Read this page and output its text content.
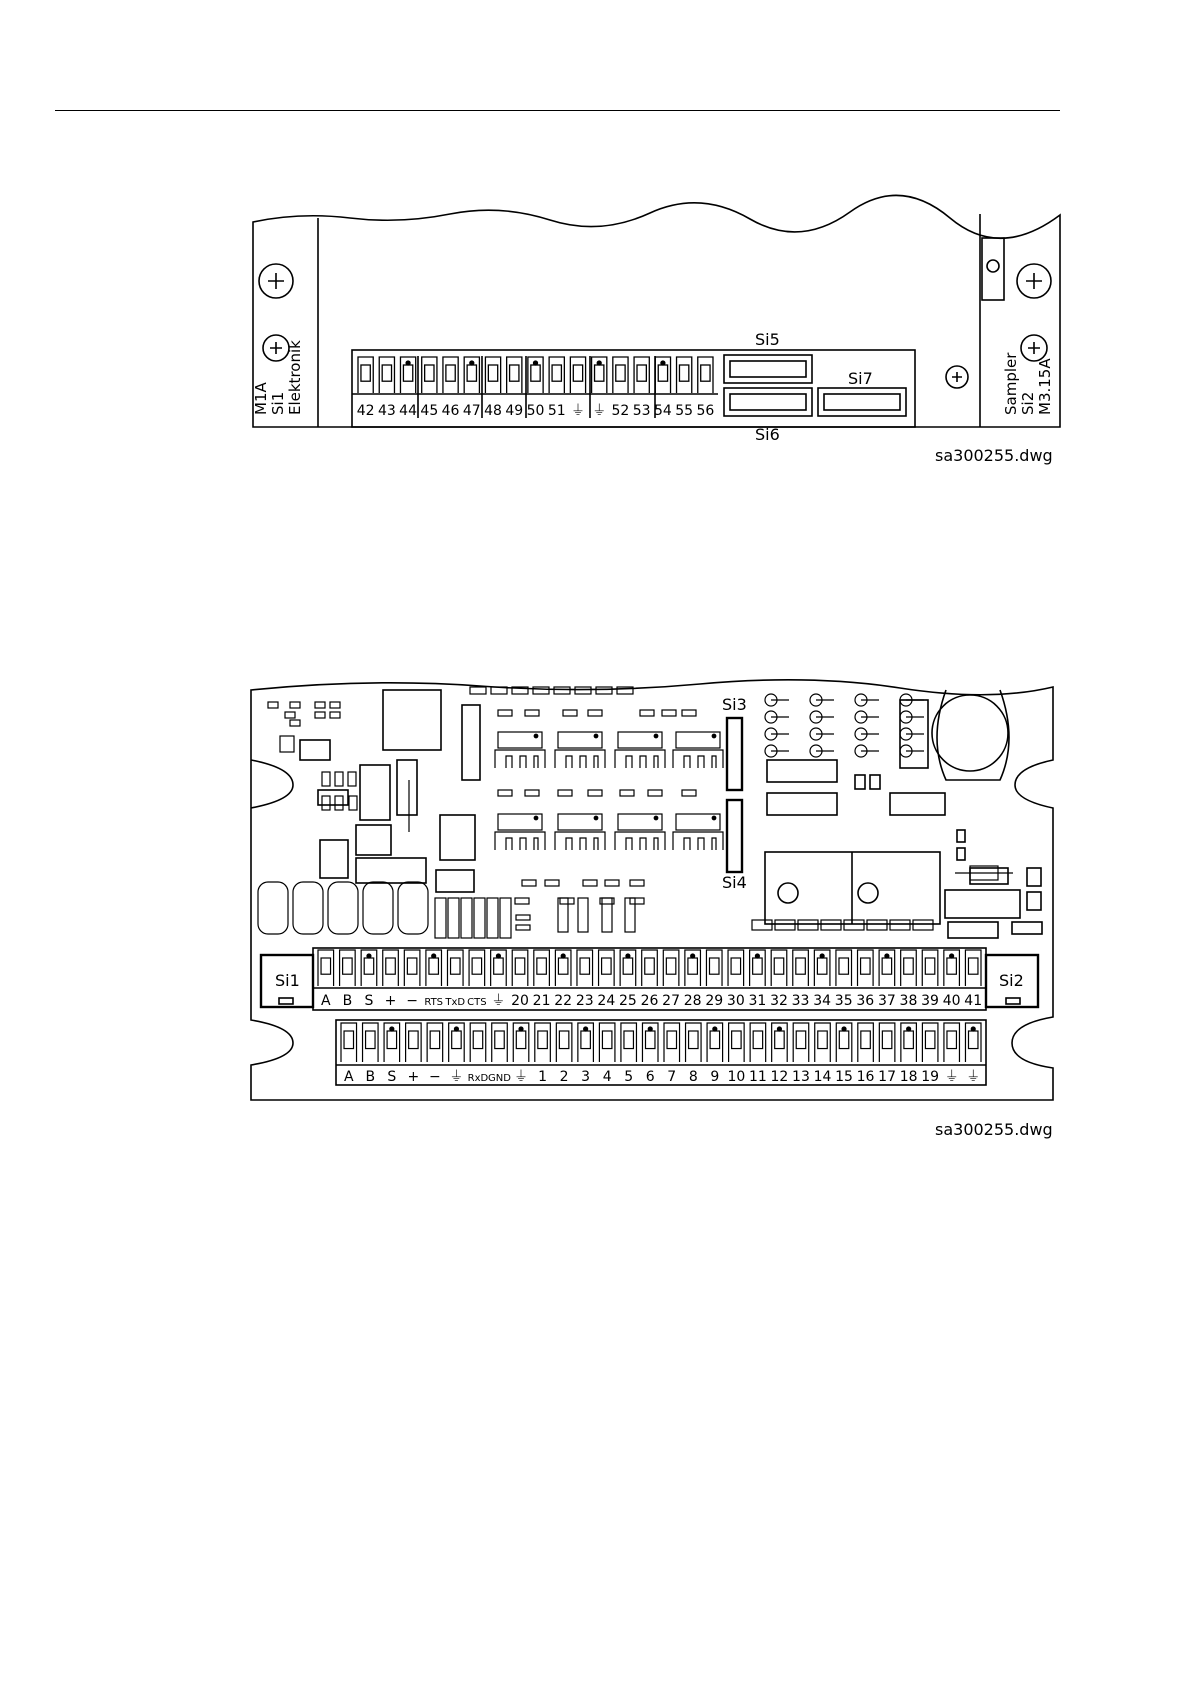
M1A Si1 Elektronik	Sampler Si2 M3.15A
Si5
Si6
Si7
42 43 44 45 46 47 48 49 50 51 ⏚ ⏚ 52 53 54 55 56
A B S + − RTS TxD CTS ⏚ 20 21 22 23 24 25 26 27 28 29 30 31 32 33 34 35 36 37 38 39 40 41
A B S + − ⏚ RxD GND ⏚ 1 2 3 4 5 6 7 8 9 10 11 12 13 14 15 16 17 18 19 ⏚ ⏚
Si3
Si4
Si1	Si2
sa300255.dwg
sa300255.dwg
